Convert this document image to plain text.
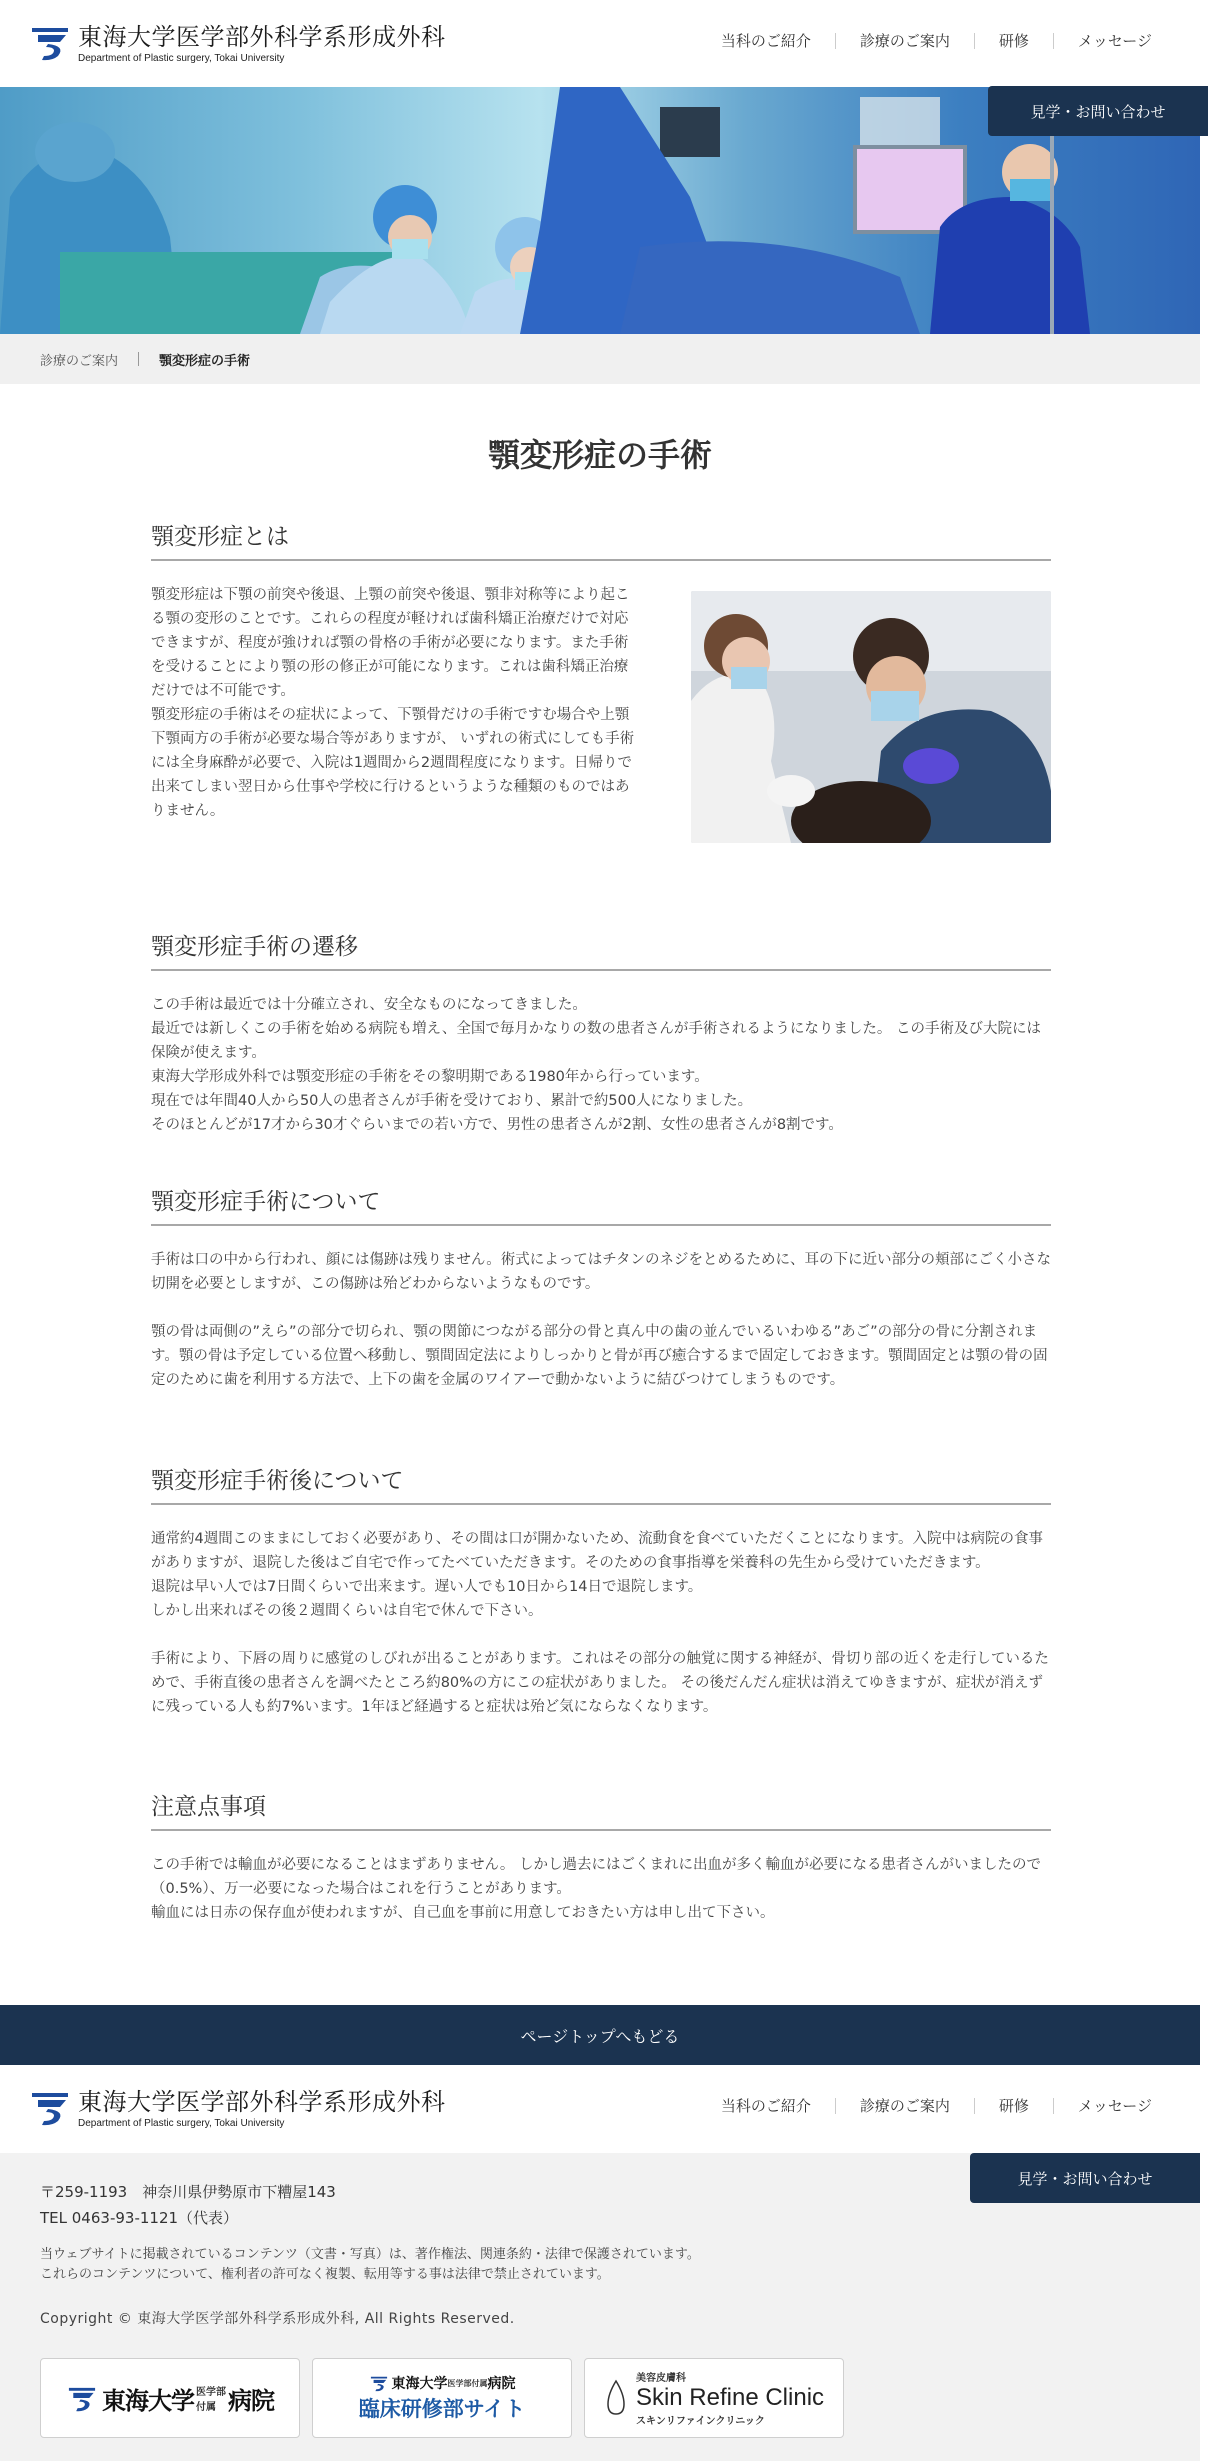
東海大学医学部外科学系形成外科
Department of Plastic surgery, Tokai University
当科のご紹介	診療のご案内	研修	メッセージ
見学・お問い合わせ
診療のご案内	顎変形症の手術
顎変形症の手術
顎変形症とは

顎変形症は下顎の前突や後退、上顎の前突や後退、顎非対称等により起こる顎の変形のことです。これらの程度が軽ければ歯科矯正治療だけで対応できますが、程度が強ければ顎の骨格の手術が必要になります。また手術を受けることにより顎の形の修正が可能になります。これは歯科矯正治療だけでは不可能です。

顎変形症の手術はその症状によって、下顎骨だけの手術ですむ場合や上顎下顎両方の手術が必要な場合等がありますが、 いずれの術式にしても手術には全身麻酔が必要で、入院は1週間から2週間程度になります。日帰りで出来てしまい翌日から仕事や学校に行けるというような種類のものではありません。

顎変形症手術の遷移

この手術は最近では十分確立され、安全なものになってきました。

最近では新しくこの手術を始める病院も増え、全国で毎月かなりの数の患者さんが手術されるようになりました。 この手術及び大院には保険が使えます。

東海大学形成外科では顎変形症の手術をその黎明期である1980年から行っています。

現在では年間40人から50人の患者さんが手術を受けており、累計で約500人になりました。

そのほとんどが17才から30才ぐらいまでの若い方で、男性の患者さんが2割、女性の患者さんが8割です。

顎変形症手術について

手術は口の中から行われ、顔には傷跡は残りません。術式によってはチタンのネジをとめるために、耳の下に近い部分の頬部にごく小さな切開を必要としますが、この傷跡は殆どわからないようなものです。

顎の骨は両側の”えら”の部分で切られ、顎の関節につながる部分の骨と真ん中の歯の並んでいるいわゆる”あご”の部分の骨に分割されます。顎の骨は予定している位置へ移動し、顎間固定法によりしっかりと骨が再び癒合するまで固定しておきます。顎間固定とは顎の骨の固定のために歯を利用する方法で、上下の歯を金属のワイアーで動かないように結びつけてしまうものです。

顎変形症手術後について

通常約4週間このままにしておく必要があり、その間は口が開かないため、流動食を食べていただくことになります。入院中は病院の食事がありますが、退院した後はご自宅で作ってたべていただきます。そのための食事指導を栄養科の先生から受けていただきます。

退院は早い人では7日間くらいで出来ます。遅い人でも10日から14日で退院します。

しかし出来ればその後２週間くらいは自宅で休んで下さい。

手術により、下唇の周りに感覚のしびれが出ることがあります。これはその部分の触覚に関する神経が、骨切り部の近くを走行しているためで、手術直後の患者さんを調べたところ約80%の方にこの症状がありました。 その後だんだん症状は消えてゆきますが、症状が消えずに残っている人も約7%います。1年ほど経過すると症状は殆ど気にならなくなります。

注意点事項

この手術では輸血が必要になることはまずありません。 しかし過去にはごくまれに出血が多く輸血が必要になる患者さんがいましたので（0.5%）、万一必要になった場合はこれを行うことがあります。

輸血には日赤の保存血が使われますが、自己血を事前に用意しておきたい方は申し出て下さい。

ページトップへもどる
東海大学医学部外科学系形成外科
Department of Plastic surgery, Tokai University
当科のご紹介	診療のご案内	研修	メッセージ
見学・お問い合わせ
〒259-1193　神奈川県伊勢原市下糟屋143
TEL 0463-93-1121（代表）
当ウェブサイトに掲載されているコンテンツ（文書・写真）は、著作権法、関連条約・法律で保護されています。
これらのコンテンツについて、権利者の許可なく複製、転用等する事は法律で禁止されています。
Copyright © 東海大学医学部外科学系形成外科, All Rights Reserved.
東海大学 医学部
付属 病院
東海大学 医学部付属 病院
臨床研修部サイト
美容皮膚科
Skin Refine Clinic
スキンリファインクリニック
